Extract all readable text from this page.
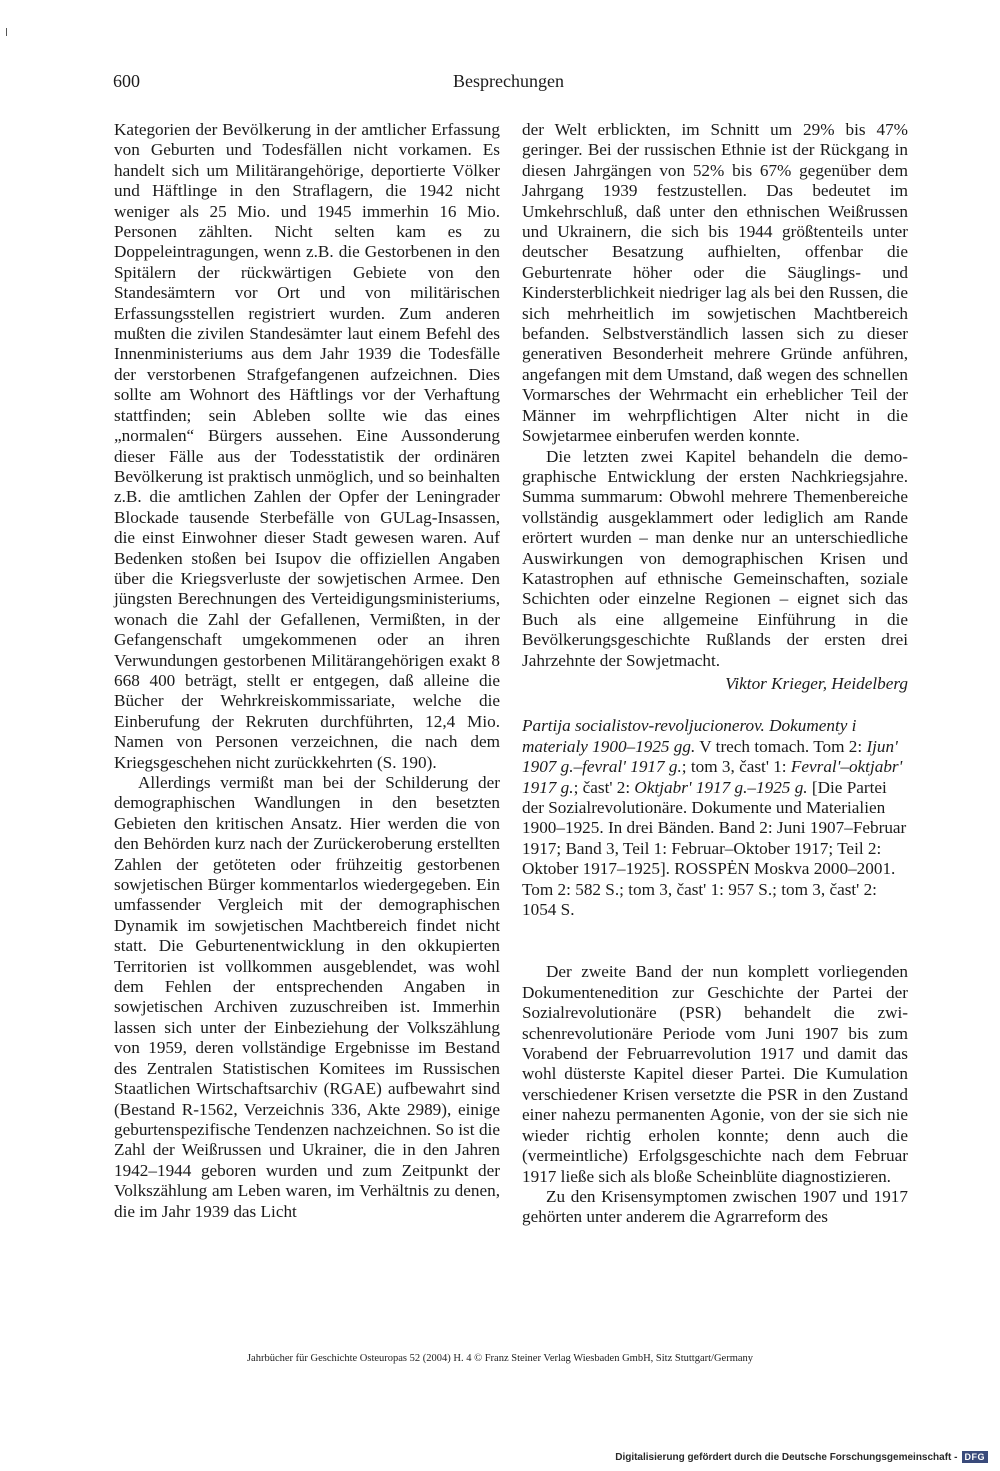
600	Besprechungen

Kategorien der Bevölkerung in der amtlicher Erfassung von Geburten und Todesfällen nicht vorkamen. Es handelt sich um Militärangehörige, deportierte Völker und Häftlinge in den Straflagern, die 1942 nicht weniger als 25 Mio. und 1945 immerhin 16 Mio. Personen zählten. Nicht selten kam es zu Doppeleintragungen, wenn z.B. die Gestorbenen in den Spitälern der rückwärtigen Gebiete von den Standesämtern vor Ort und von militärischen Erfassungsstellen registriert wurden. Zum anderen mußten die zivilen Standesämter laut einem Befehl des Innenministeriums aus dem Jahr 1939 die Todesfälle der verstorbenen Strafgefangenen aufzeichnen. Dies sollte am Wohnort des Häftlings vor der Verhaftung stattfinden; sein Ableben sollte wie das eines „normalen“ Bürgers aussehen. Eine Aussonderung dieser Fälle aus der Todesstatistik der ordinären Bevölkerung ist praktisch unmöglich, und so beinhalten z.B. die amtlichen Zahlen der Opfer der Leningrader Blockade tausende Sterbefälle von GULag-Insassen, die einst Einwohner dieser Stadt gewesen waren. Auf Bedenken stoßen bei Isupov die offiziellen Angaben über die Kriegsverluste der sowjetischen Armee. Den jüngsten Berechnungen des Verteidigungsministeriums, wonach die Zahl der Gefallenen, Vermißten, in der Gefangenschaft umgekommenen oder an ihren Verwundungen gestorbenen Militärangehörigen exakt 8 668 400 beträgt, stellt er entgegen, daß alleine die Bücher der Wehrkreiskommissariate, welche die Einberufung der Rekruten durchführten, 12,4 Mio. Namen von Personen verzeichnen, die nach dem Kriegsgeschehen nicht zurückkehrten (S. 190).

Allerdings vermißt man bei der Schilderung der demographischen Wandlungen in den besetzten Gebieten den kritischen Ansatz. Hier werden die von den Behörden kurz nach der Zurückeroberung erstellten Zahlen der getöteten oder frühzeitig gestorbenen sowjetischen Bürger kommentarlos wiedergegeben. Ein umfassender Vergleich mit der demographischen Dynamik im sowjetischen Machtbereich findet nicht statt. Die Geburtenentwicklung in den okkupierten Territorien ist vollkommen ausgeblendet, was wohl dem Fehlen der entsprechenden Angaben in sowjetischen Archiven zuzuschreiben ist. Immerhin lassen sich unter der Einbeziehung der Volkszählung von 1959, deren vollständige Ergebnisse im Bestand des Zentralen Statistischen Komitees im Russischen Staatlichen Wirtschaftsarchiv (RGAE) aufbewahrt sind (Bestand R-1562, Verzeichnis 336, Akte 2989), einige geburtenspezifische Tendenzen nachzeichnen. So ist die Zahl der Weißrussen und Ukrainer, die in den Jahren 1942–1944 geboren wurden und zum Zeitpunkt der Volkszählung am Leben waren, im Verhältnis zu denen, die im Jahr 1939 das Licht

der Welt erblickten, im Schnitt um 29% bis 47% geringer. Bei der russischen Ethnie ist der Rückgang in diesen Jahrgängen von 52% bis 67% gegenüber dem Jahrgang 1939 festzustellen. Das bedeutet im Umkehrschluß, daß unter den ethnischen Weißrussen und Ukrainern, die sich bis 1944 größtenteils unter deutscher Besatzung aufhielten, offenbar die Geburtenrate höher oder die Säuglings- und Kindersterblichkeit niedriger lag als bei den Russen, die sich mehrheitlich im sowjetischen Machtbereich befanden. Selbstverständlich lassen sich zu dieser generativen Besonderheit mehrere Gründe anführen, angefangen mit dem Umstand, daß wegen des schnellen Vormarsches der Wehrmacht ein erheblicher Teil der Männer im wehrpflichtigen Alter nicht in die Sowjetarmee einberufen werden konnte.

Die letzten zwei Kapitel behandeln die demographische Entwicklung der ersten Nachkriegsjahre. Summa summarum: Obwohl mehrere Themenbereiche vollständig ausgeklammert oder lediglich am Rande erörtert wurden – man denke nur an unterschiedliche Auswirkungen von demographischen Krisen und Katastrophen auf ethnische Gemeinschaften, soziale Schichten oder einzelne Regionen – eignet sich das Buch als eine allgemeine Einführung in die Bevölkerungsgeschichte Rußlands der ersten drei Jahrzehnte der Sowjetmacht.

Viktor Krieger, Heidelberg

Partija socialistov-revoljucionerov. Dokumenty i materialy 1900–1925 gg. V trech tomach. Tom 2: Ijun' 1907 g.–fevral' 1917 g.; tom 3, čast' 1: Fevral'–oktjabr' 1917 g.; čast' 2: Oktjabr' 1917 g.–1925 g. [Die Partei der Sozialrevolutionäre. Dokumente und Materialien 1900–1925. In drei Bänden. Band 2: Juni 1907–Februar 1917; Band 3, Teil 1: Februar–Oktober 1917; Teil 2: Oktober 1917–1925]. ROSSPĖN Moskva 2000–2001. Tom 2: 582 S.; tom 3, čast' 1: 957 S.; tom 3, čast' 2: 1054 S.

Der zweite Band der nun komplett vorliegenden Dokumentenedition zur Geschichte der Partei der Sozialrevolutionäre (PSR) behandelt die zwischenrevolutionäre Periode vom Juni 1907 bis zum Vorabend der Februarrevolution 1917 und damit das wohl düsterste Kapitel dieser Partei. Die Kumulation verschiedener Krisen versetzte die PSR in den Zustand einer nahezu permanenten Agonie, von der sie sich nie wieder richtig erholen konnte; denn auch die (vermeintliche) Erfolgsgeschichte nach dem Februar 1917 ließe sich als bloße Scheinblüte diagnostizieren.

Zu den Krisensymptomen zwischen 1907 und 1917 gehörten unter anderem die Agrarreform des

Jahrbücher für Geschichte Osteuropas 52 (2004) H. 4 © Franz Steiner Verlag Wiesbaden GmbH, Sitz Stuttgart/Germany
Digitalisierung gefördert durch die Deutsche Forschungsgemeinschaft - DFG
